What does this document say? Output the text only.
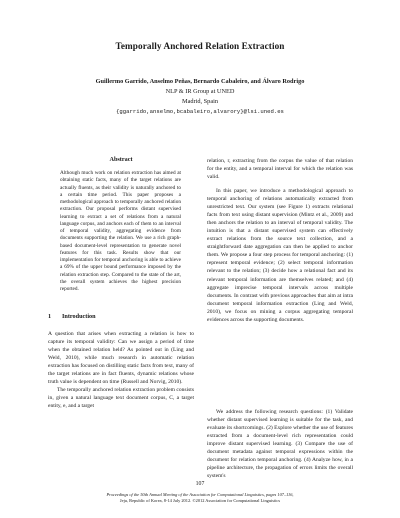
Temporally Anchored Relation Extraction
Guillermo Garrido, Anselmo Peñas, Bernardo Cabaleiro, and Álvaro Rodrigo
NLP & IR Group at UNED
Madrid, Spain
{ggarrido,anselmo,bcabaleiro,alvarory}@lsi.uned.es
Abstract

Although much work on relation extraction has aimed at obtaining static facts, many of the target relations are actually fluents, as their validity is naturally anchored to a certain time period. This paper proposes a methodological approach to temporally anchored relation extraction. Our proposal performs distant supervised learning to extract a set of relations from a natural language corpus, and anchors each of them to an interval of temporal validity, aggregating evidence from documents supporting the relation. We use a rich graph-based document-level representation to generate novel features for this task. Results show that our implementation for temporal anchoring is able to achieve a 69% of the upper bound performance imposed by the relation extraction step. Compared to the state of the art, the overall system achieves the highest precision reported.

1 Introduction

A question that arises when extracting a relation is how to capture its temporal validity: Can we assign a period of time when the obtained relation held? As pointed out in (Ling and Weld, 2010), while much research in automatic relation extraction has focused on distilling static facts from text, many of the target relations are in fact fluents, dynamic relations whose truth value is dependent on time (Russell and Norvig, 2010).

The temporally anchored relation extraction problem consists in, given a natural language text document corpus, C, a target entity, e, and a target

relation, r, extracting from the corpus the value of that relation for the entity, and a temporal interval for which the relation was valid.

In this paper, we introduce a methodological approach to temporal anchoring of relations automatically extracted from unrestricted text. Our system (see Figure 1) extracts relational facts from text using distant supervision (Mintz et al., 2009) and then anchors the relation to an interval of temporal validity. The intuition is that a distant supervised system can effectively extract relations from the source text collection, and a straightforward date aggregation can then be applied to anchor them. We propose a four step process for temporal anchoring: (1) represent temporal evidence; (2) select temporal information relevant to the relation; (3) decide how a relational fact and its relevant temporal information are themselves related; and (4) aggregate imprecise temporal intervals across multiple documents. In contrast with previous approaches that aim at intra document temporal information extraction (Ling and Weld, 2010), we focus on mining a corpus aggregating temporal evidences across the supporting documents.

We address the following research questions: (1) Validate whether distant supervised learning is suitable for the task, and evaluate its shortcomings. (2) Explore whether the use of features extracted from a document-level rich representation could improve distant supervised learning. (3) Compare the use of document metadata against temporal expressions within the document for relation temporal anchoring. (4) Analyze how, in a pipeline architecture, the propagation of errors limits the overall system's

107
Proceedings of the 50th Annual Meeting of the Association for Computational Linguistics, pages 107–116,
Jeju, Republic of Korea, 8-14 July 2012. ©2012 Association for Computational Linguistics
